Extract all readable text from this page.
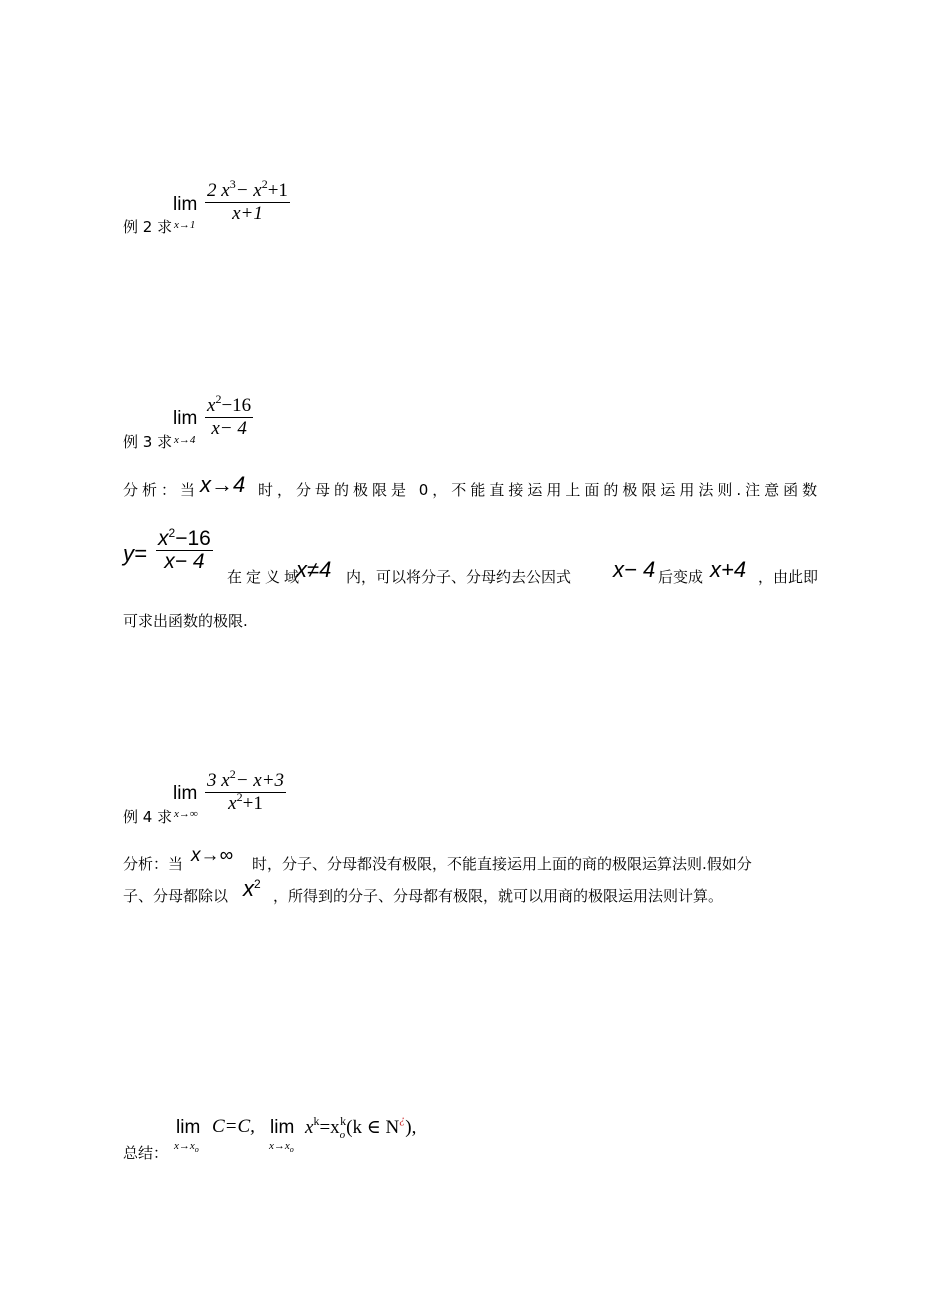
lim
例 2 求 x→1
2 $x^3- x^2+1$
x+1
lim
例 3 求 x→4
$x^2-16$
x− 4
分析：当 x→4 时，分母的极限是 0，不能直接运用上面的极限运用法则.注意函数
y=
$x^2-16$
x− 4
在定义域
x≠4 内，可以将分子、分母约去公因式 x− 4 后变成 x+4 ，由此即
可求出函数的极限.
lim
例 4 求 x→∞
3 $x^2- x+3$
$x^2+1$
分析：当 x→∞ 时，分子、分母都没有极限，不能直接运用上面的商的极限运算法则.假如分
子、分母都除以 $x^2$
，所得到的分子、分母都有极限，就可以用商的极限运用法则计算。
总结：
lim
$x\to x_o$
C=C, lim
$x\to x_o$
$x^k=x_o^k(k$ ∈ N¿),
